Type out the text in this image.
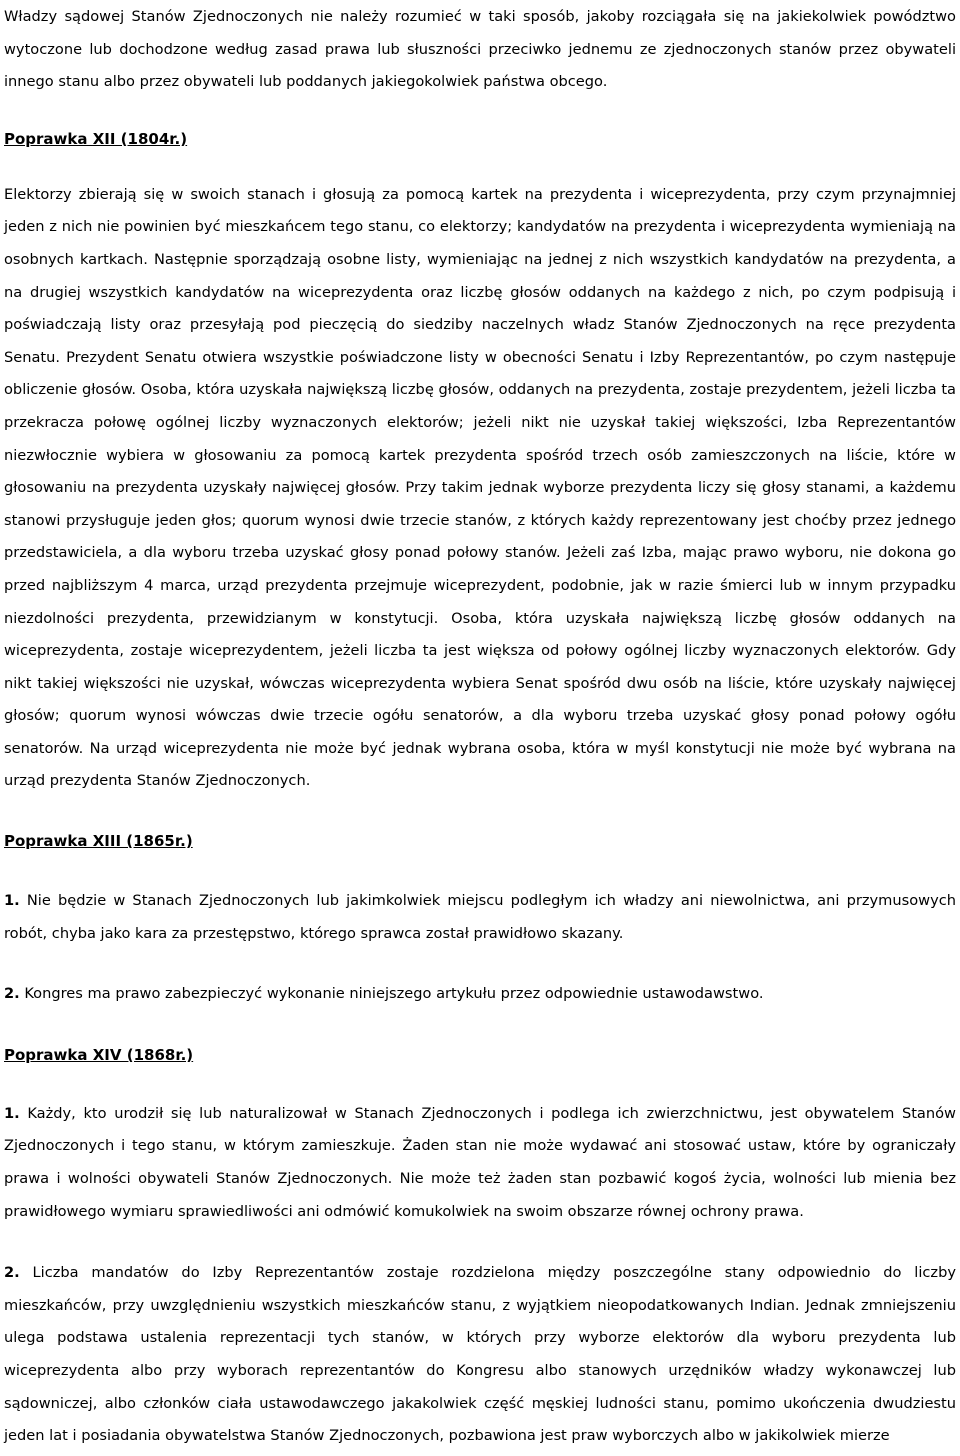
Władzy sądowej Stanów Zjednoczonych nie należy rozumieć w taki sposób, jakoby rozciągała się na jakiekolwiek powództwo wytoczone lub dochodzone według zasad prawa lub słuszności przeciwko jednemu ze zjednoczonych stanów przez obywateli innego stanu albo przez obywateli lub poddanych jakiegokolwiek państwa obcego.

Poprawka XII (1804r.)

Elektorzy zbierają się w swoich stanach i głosują za pomocą kartek na prezydenta i wiceprezydenta, przy czym przynajmniej jeden z nich nie powinien być mieszkańcem tego stanu, co elektorzy; kandydatów na prezydenta i wiceprezydenta wymieniają na osobnych kartkach. Następnie sporządzają osobne listy, wymieniając na jednej z nich wszystkich kandydatów na prezydenta, a na drugiej wszystkich kandydatów na wiceprezydenta oraz liczbę głosów oddanych na każdego z nich, po czym podpisują i poświadczają listy oraz przesyłają pod pieczęcią do siedziby naczelnych władz Stanów Zjednoczonych na ręce prezydenta Senatu. Prezydent Senatu otwiera wszystkie poświadczone listy w obecności Senatu i Izby Reprezentantów, po czym następuje obliczenie głosów. Osoba, która uzyskała największą liczbę głosów, oddanych na prezydenta, zostaje prezydentem, jeżeli liczba ta przekracza połowę ogólnej liczby wyznaczonych elektorów; jeżeli nikt nie uzyskał takiej większości, Izba Reprezentantów niezwłocznie wybiera w głosowaniu za pomocą kartek prezydenta spośród trzech osób zamieszczonych na liście, które w głosowaniu na prezydenta uzyskały najwięcej głosów. Przy takim jednak wyborze prezydenta liczy się głosy stanami, a każdemu stanowi przysługuje jeden głos; quorum wynosi dwie trzecie stanów, z których każdy reprezentowany jest choćby przez jednego przedstawiciela, a dla wyboru trzeba uzyskać głosy ponad połowy stanów. Jeżeli zaś Izba, mając prawo wyboru, nie dokona go przed najbliższym 4 marca, urząd prezydenta przejmuje wiceprezydent, podobnie, jak w razie śmierci lub w innym przypadku niezdolności prezydenta, przewidzianym w konstytucji. Osoba, która uzyskała największą liczbę głosów oddanych na wiceprezydenta, zostaje wiceprezydentem, jeżeli liczba ta jest większa od połowy ogólnej liczby wyznaczonych elektorów. Gdy nikt takiej większości nie uzyskał, wówczas wiceprezydenta wybiera Senat spośród dwu osób na liście, które uzyskały najwięcej głosów; quorum wynosi wówczas dwie trzecie ogółu senatorów, a dla wyboru trzeba uzyskać głosy ponad połowy ogółu senatorów. Na urząd wiceprezydenta nie może być jednak wybrana osoba, która w myśl konstytucji nie może być wybrana na urząd prezydenta Stanów Zjednoczonych.

Poprawka XIII (1865r.)

1. Nie będzie w Stanach Zjednoczonych lub jakimkolwiek miejscu podległym ich władzy ani niewolnictwa, ani przymusowych robót, chyba jako kara za przestępstwo, którego sprawca został prawidłowo skazany.

2. Kongres ma prawo zabezpieczyć wykonanie niniejszego artykułu przez odpowiednie ustawodawstwo.

Poprawka XIV (1868r.)

1. Każdy, kto urodził się lub naturalizował w Stanach Zjednoczonych i podlega ich zwierzchnictwu, jest obywatelem Stanów Zjednoczonych i tego stanu, w którym zamieszkuje. Żaden stan nie może wydawać ani stosować ustaw, które by ograniczały prawa i wolności obywateli Stanów Zjednoczonych. Nie może też żaden stan pozbawić kogoś życia, wolności lub mienia bez prawidłowego wymiaru sprawiedliwości ani odmówić komukolwiek na swoim obszarze równej ochrony prawa.

2. Liczba mandatów do Izby Reprezentantów zostaje rozdzielona między poszczególne stany odpowiednio do liczby mieszkańców, przy uwzględnieniu wszystkich mieszkańców stanu, z wyjątkiem nieopodatkowanych Indian. Jednak zmniejszeniu ulega podstawa ustalenia reprezentacji tych stanów, w których przy wyborze elektorów dla wyboru prezydenta lub wiceprezydenta albo przy wyborach reprezentantów do Kongresu albo stanowych urzędników władzy wykonawczej lub sądowniczej, albo członków ciała ustawodawczego jakakolwiek część męskiej ludności stanu, pomimo ukończenia dwudziestu jeden lat i posiadania obywatelstwa Stanów Zjednoczonych, pozbawiona jest praw wyborczych albo w jakikolwiek mierze
